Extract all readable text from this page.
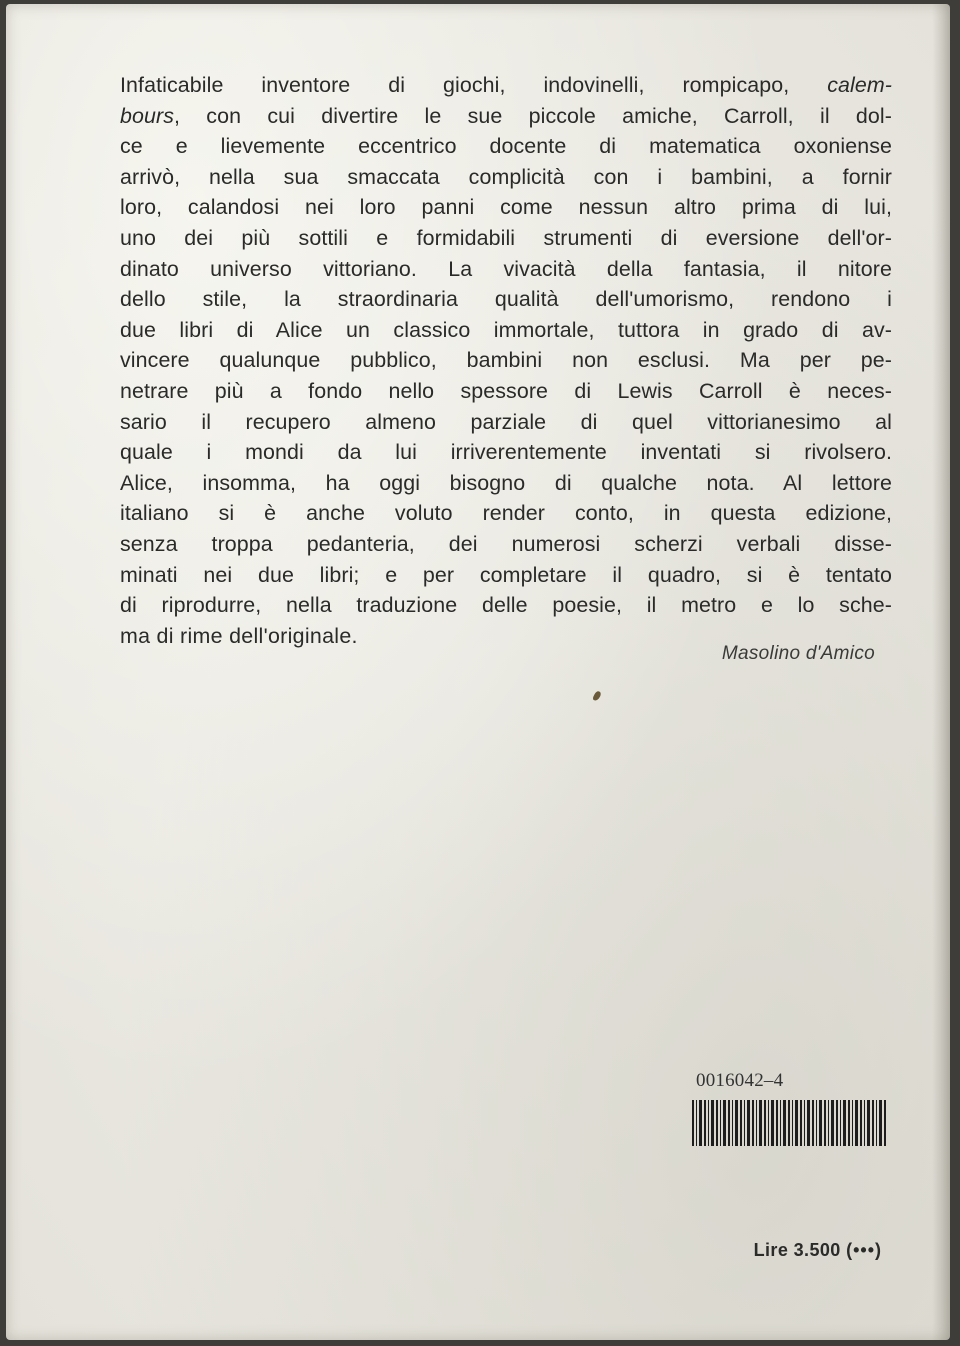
Infaticabile inventore di giochi, indovinelli, rompicapo, calem-
bours, con cui divertire le sue piccole amiche, Carroll, il dol-
ce e lievemente eccentrico docente di matematica oxoniense
arrivò, nella sua smaccata complicità con i bambini, a fornir
loro, calandosi nei loro panni come nessun altro prima di lui,
uno dei più sottili e formidabili strumenti di eversione dell'or-
dinato universo vittoriano. La vivacità della fantasia, il nitore
dello stile, la straordinaria qualità dell'umorismo, rendono i
due libri di Alice un classico immortale, tuttora in grado di av-
vincere qualunque pubblico, bambini non esclusi. Ma per pe-
netrare più a fondo nello spessore di Lewis Carroll è neces-
sario il recupero almeno parziale di quel vittorianesimo al
quale i mondi da lui irriverentemente inventati si rivolsero.
Alice, insomma, ha oggi bisogno di qualche nota. Al lettore
italiano si è anche voluto render conto, in questa edizione,
senza troppa pedanteria, dei numerosi scherzi verbali disse-
minati nei due libri; e per completare il quadro, si è tentato
di riprodurre, nella traduzione delle poesie, il metro e lo sche-
ma di rime dell'originale.
Masolino d'Amico
0016042–4
Lire 3.500 (•••)
